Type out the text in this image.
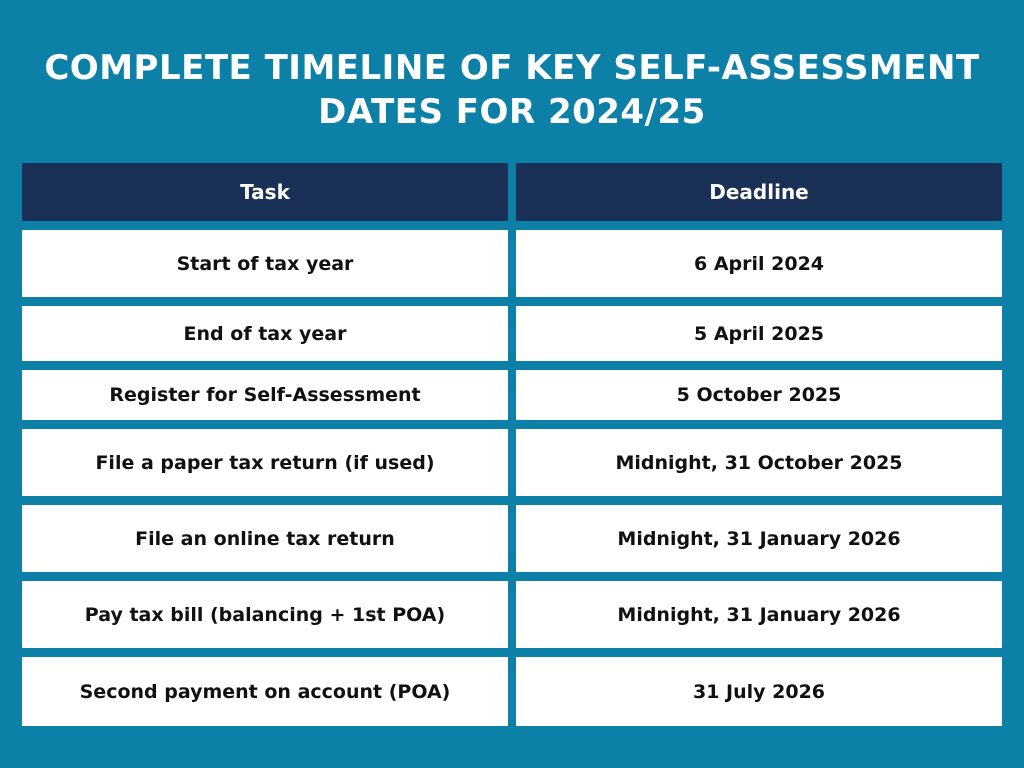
COMPLETE TIMELINE OF KEY SELF-ASSESSMENT
DATES FOR 2024/25
Task	Deadline
Start of tax year	6 April 2024
End of tax year	5 April 2025
Register for Self-Assessment	5 October 2025
File a paper tax return (if used)	Midnight, 31 October 2025
File an online tax return	Midnight, 31 January 2026
Pay tax bill (balancing + 1st POA)	Midnight, 31 January 2026
Second payment on account (POA)	31 July 2026
